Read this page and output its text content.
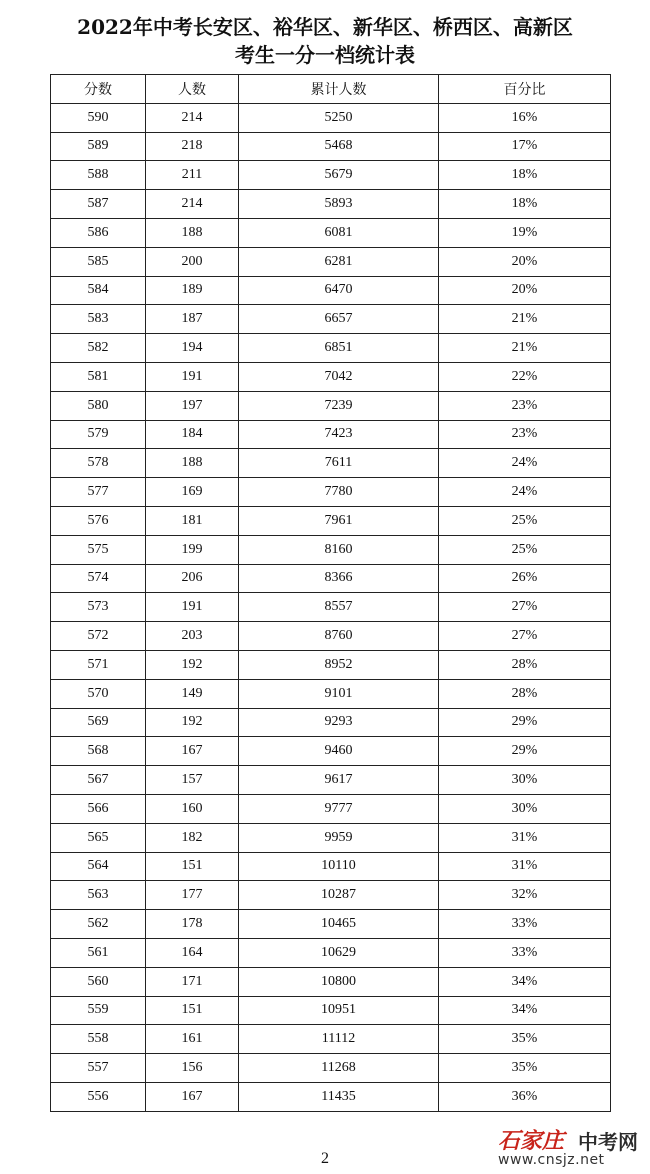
2022年中考长安区、裕华区、新华区、桥西区、高新区
考生一分一档统计表
分数	人数	累计人数	百分比
590	214	5250	16%
589	218	5468	17%
588	211	5679	18%
587	214	5893	18%
586	188	6081	19%
585	200	6281	20%
584	189	6470	20%
583	187	6657	21%
582	194	6851	21%
581	191	7042	22%
580	197	7239	23%
579	184	7423	23%
578	188	7611	24%
577	169	7780	24%
576	181	7961	25%
575	199	8160	25%
574	206	8366	26%
573	191	8557	27%
572	203	8760	27%
571	192	8952	28%
570	149	9101	28%
569	192	9293	29%
568	167	9460	29%
567	157	9617	30%
566	160	9777	30%
565	182	9959	31%
564	151	10110	31%
563	177	10287	32%
562	178	10465	33%
561	164	10629	33%
560	171	10800	34%
559	151	10951	34%
558	161	11112	35%
557	156	11268	35%
556	167	11435	36%
2
石家庄 中考网
www.cnsjz.net
